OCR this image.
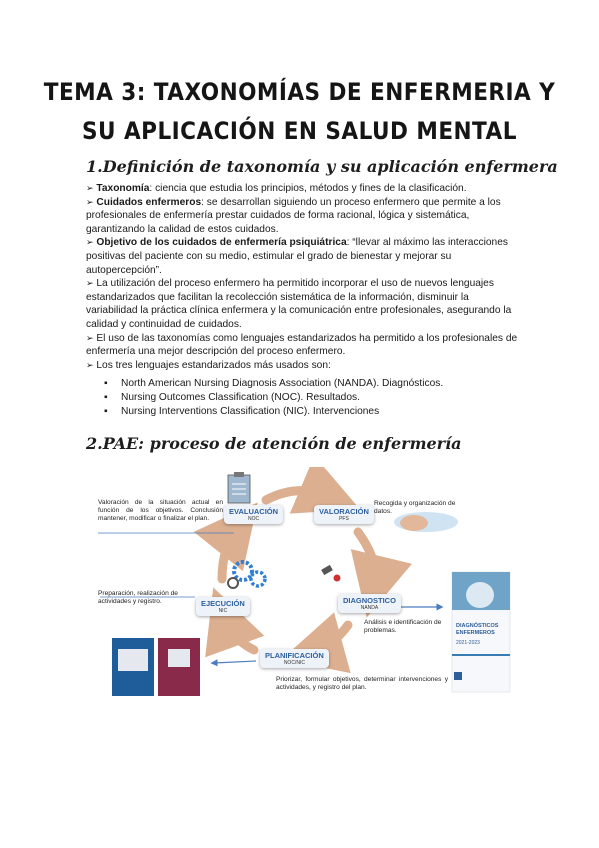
TEMA 3: TAXONOMÍAS DE ENFERMERIA Y
SU APLICACIÓN EN SALUD MENTAL
1.Definición de taxonomía y su aplicación enfermera

➢ Taxonomía: ciencia que estudia los principios, métodos y fines de la clasificación.

➢ Cuidados enfermeros: se desarrollan siguiendo un proceso enfermero que permite a los profesionales de enfermería prestar cuidados de forma racional, lógica y sistemática, garantizando la calidad de estos cuidados.

➢ Objetivo de los cuidados de enfermería psiquiátrica: “llevar al máximo las interacciones positivas del paciente con su medio, estimular el grado de bienestar y mejorar su autopercepción”.

➢ La utilización del proceso enfermero ha permitido incorporar el uso de nuevos lenguajes estandarizados que facilitan la recolección sistemática de la información, disminuir la variabilidad la práctica clínica enfermera y la comunicación entre profesionales, asegurando la calidad y continuidad de cuidados.

➢ El uso de las taxonomías como lenguajes estandarizados ha permitido a los profesionales de enfermería una mejor descripción del proceso enfermero.

➢ Los tres lenguajes estandarizados más usados son:

▪ North American Nursing Diagnosis Association (NANDA). Diagnósticos.
▪ Nursing Outcomes Classification (NOC). Resultados.
▪ Nursing Interventions Classification (NIC). Intervenciones
2.PAE: proceso de atención de enfermería
EVALUACIÓN
NOC
VALORACIÓN
PFS
DIAGNOSTICO
NANDA
PLANIFICACIÓN
NOC/NIC
EJECUCIÓN
NIC
Valoración de la situación actual en función de los objetivos. Conclusión mantener, modificar o finalizar el plan.
Recogida y organización de datos.
Preparación, realización de actividades y registro.
Análisis e identificación de problemas.
Priorizar, formular objetivos, determinar intervenciones y actividades, y registro del plan.
DIAGNÓSTICOS ENFERMEROS
2021-2023
